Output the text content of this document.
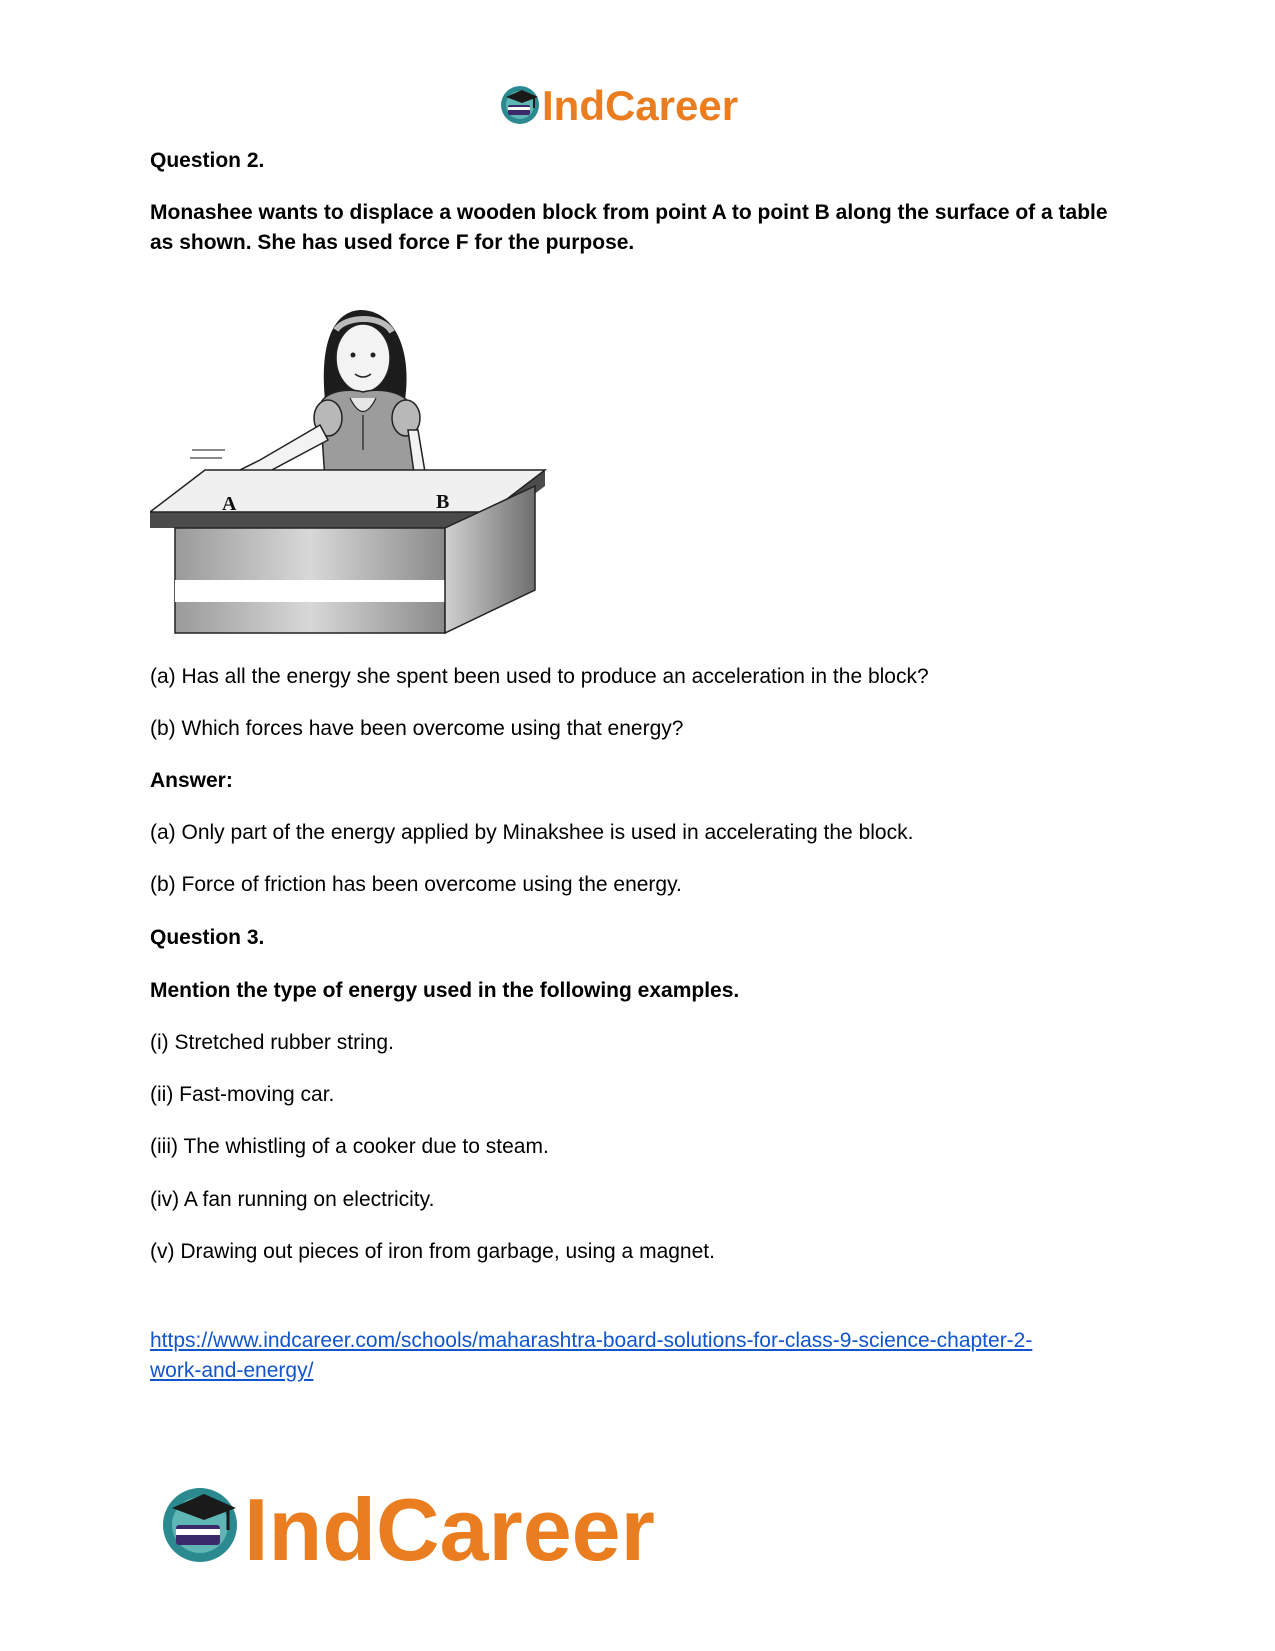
IndCareer

Question 2.

Monashee wants to displace a wooden block from point A to point B along the surface of a table as shown. She has used force F for the purpose.

A	B

(a) Has all the energy she spent been used to produce an acceleration in the block?

(b) Which forces have been overcome using that energy?

Answer:

(a) Only part of the energy applied by Minakshee is used in accelerating the block.

(b) Force of friction has been overcome using the energy.

Question 3.

Mention the type of energy used in the following examples.

(i) Stretched rubber string.

(ii) Fast-moving car.

(iii) The whistling of a cooker due to steam.

(iv) A fan running on electricity.

(v) Drawing out pieces of iron from garbage, using a magnet.

https://www.indcareer.com/schools/maharashtra-board-solutions-for-class-9-science-chapter-2-
work-and-energy/
IndCareer
